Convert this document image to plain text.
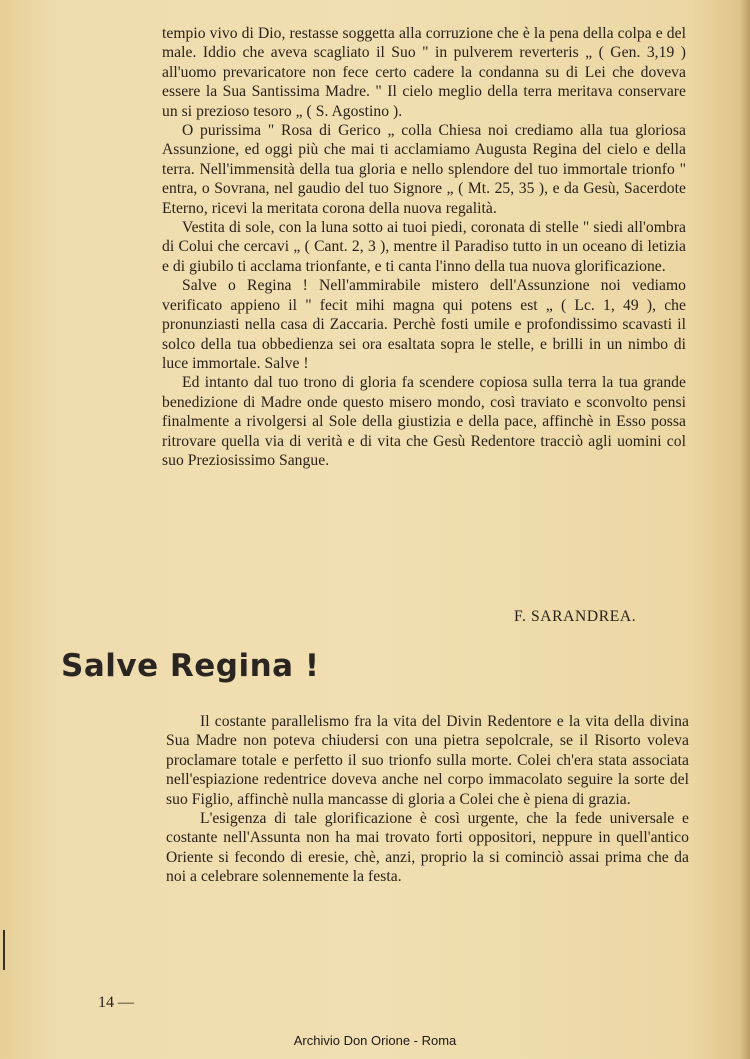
tempio vivo di Dio, restasse soggetta alla corruzione che è la pena della colpa e del male. Iddio che aveva scagliato il Suo " in pulverem reverteris „ ( Gen. 3,19 ) all'uomo prevaricatore non fece certo cadere la condanna su di Lei che doveva essere la Sua Santissima Madre. " Il cielo meglio della terra meritava conservare un si prezioso tesoro „ ( S. Agostino ).

O purissima " Rosa di Gerico „ colla Chiesa noi crediamo alla tua gloriosa Assunzione, ed oggi più che mai ti acclamiamo Augusta Regina del cielo e della terra. Nell'immensità della tua gloria e nello splendore del tuo immortale trionfo " entra, o Sovrana, nel gaudio del tuo Signore „ ( Mt. 25, 35 ), e da Gesù, Sacerdote Eterno, ricevi la meritata corona della nuova regalità.

Vestita di sole, con la luna sotto ai tuoi piedi, coronata di stelle " siedi all'ombra di Colui che cercavi „ ( Cant. 2, 3 ), mentre il Paradiso tutto in un oceano di letizia e di giubilo ti acclama trionfante, e ti canta l'inno della tua nuova glorificazione.

Salve o Regina ! Nell'ammirabile mistero dell'Assunzione noi vediamo verificato appieno il " fecit mihi magna qui potens est „ ( Lc. 1, 49 ), che pronunziasti nella casa di Zaccaria. Perchè fosti umile e profondissimo scavasti il solco della tua obbedienza sei ora esaltata sopra le stelle, e brilli in un nimbo di luce immortale. Salve !

Ed intanto dal tuo trono di gloria fa scendere copiosa sulla terra la tua grande benedizione di Madre onde questo misero mondo, così traviato e sconvolto pensi finalmente a rivolgersi al Sole della giustizia e della pace, affinchè in Esso possa ritrovare quella via di verità e di vita che Gesù Redentore tracciò agli uomini col suo Preziosissimo Sangue.

F. SARANDREA.
Salve Regina !

Il costante parallelismo fra la vita del Divin Redentore e la vita della divina Sua Madre non poteva chiudersi con una pietra sepolcrale, se il Risorto voleva proclamare totale e perfetto il suo trionfo sulla morte. Colei ch'era stata associata nell'espiazione redentrice doveva anche nel corpo immacolato seguire la sorte del suo Figlio, affinchè nulla mancasse di gloria a Colei che è piena di grazia.

L'esigenza di tale glorificazione è così urgente, che la fede universale e costante nell'Assunta non ha mai trovato forti oppositori, neppure in quell'antico Oriente si fecondo di eresie, chè, anzi, proprio la si cominciò assai prima che da noi a celebrare solennemente la festa.

14 —
Archivio Don Orione - Roma
